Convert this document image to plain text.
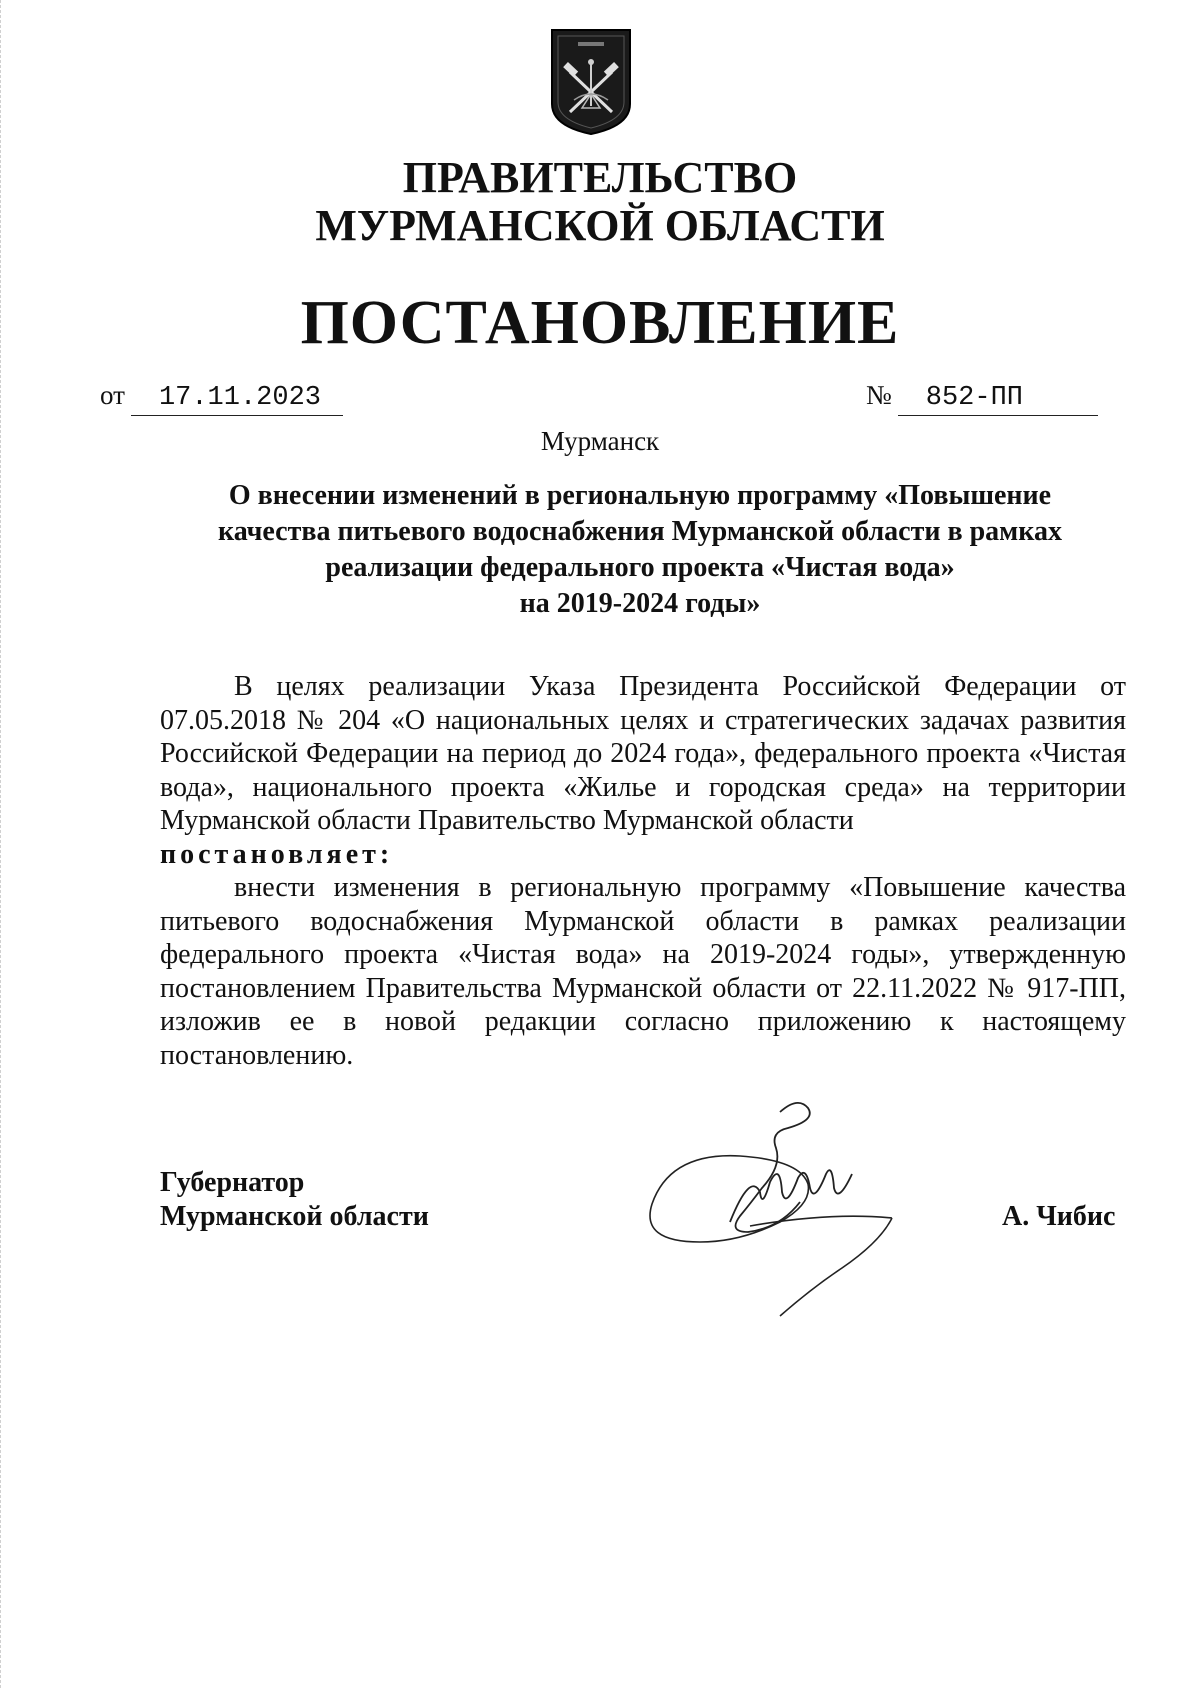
ПРАВИТЕЛЬСТВО
МУРМАНСКОЙ ОБЛАСТИ
ПОСТАНОВЛЕНИЕ
от 17.11.2023	№ 852-ПП
Мурманск
О внесении изменений в региональную программу «Повышение
качества питьевого водоснабжения Мурманской области в рамках
реализации федерального проекта «Чистая вода»
на 2019-2024 годы»

В целях реализации Указа Президента Российской Федерации от 07.05.2018 № 204 «О национальных целях и стратегических задачах развития Российской Федерации на период до 2024 года», федерального проекта «Чистая вода», национального проекта «Жилье и городская среда» на территории Мурманской области Правительство Мурманской области

постановляет:

внести изменения в региональную программу «Повышение качества питьевого водоснабжения Мурманской области в рамках реализации федерального проекта «Чистая вода» на 2019-2024 годы», утвержденную постановлением Правительства Мурманской области от 22.11.2022 № 917-ПП, изложив ее в новой редакции согласно приложению к настоящему постановлению.

Губернатор
Мурманской области	А. Чибис
